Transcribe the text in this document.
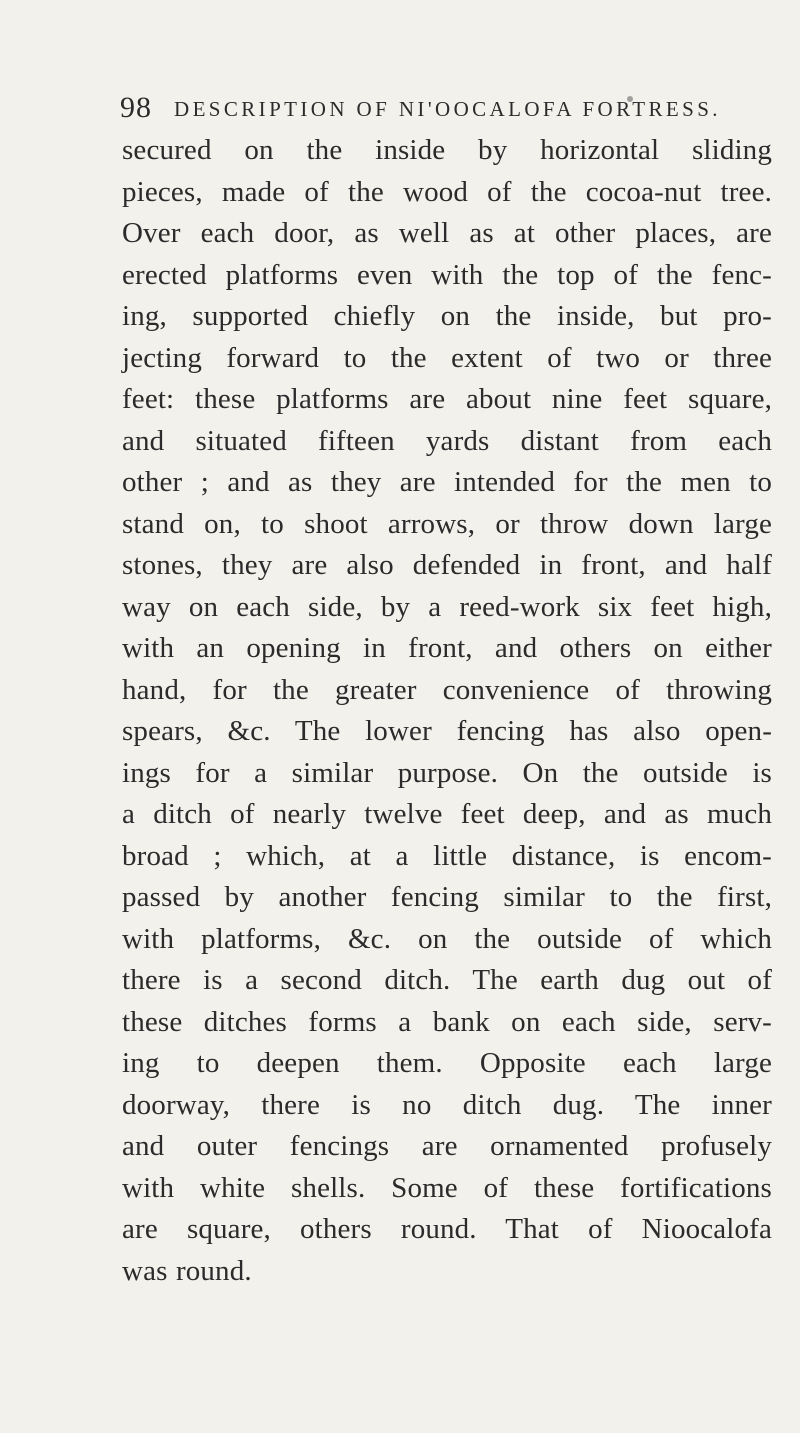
98 DESCRIPTION OF NI'OOCALOFA FORTRESS.
secured on the inside by horizontal sliding
pieces, made of the wood of the cocoa-nut tree.
Over each door, as well as at other places, are
erected platforms even with the top of the fenc-
ing, supported chiefly on the inside, but pro-
jecting forward to the extent of two or three
feet: these platforms are about nine feet square,
and situated fifteen yards distant from each
other ; and as they are intended for the men to
stand on, to shoot arrows, or throw down large
stones, they are also defended in front, and half
way on each side, by a reed-work six feet high,
with an opening in front, and others on either
hand, for the greater convenience of throwing
spears, &c. The lower fencing has also open-
ings for a similar purpose. On the outside is
a ditch of nearly twelve feet deep, and as much
broad ; which, at a little distance, is encom-
passed by another fencing similar to the first,
with platforms, &c. on the outside of which
there is a second ditch. The earth dug out of
these ditches forms a bank on each side, serv-
ing to deepen them. Opposite each large
doorway, there is no ditch dug. The inner
and outer fencings are ornamented profusely
with white shells. Some of these fortifications
are square, others round. That of Nioocalofa
was round.
